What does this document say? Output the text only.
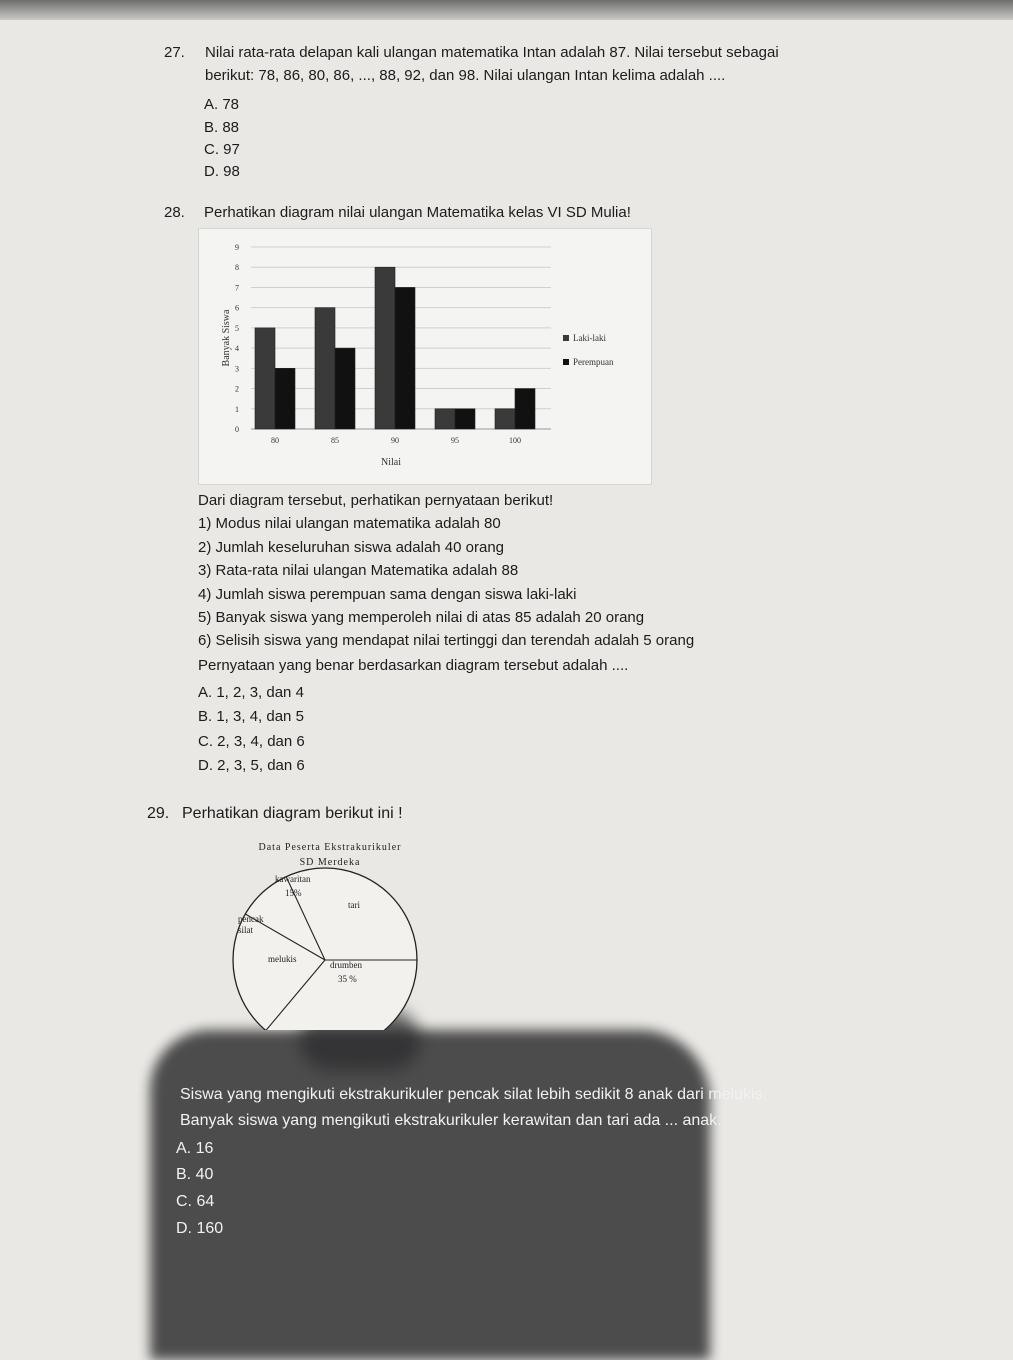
27. Nilai rata-rata delapan kali ulangan matematika Intan adalah 87. Nilai tersebut sebagai
berikut: 78, 86, 80, 86, ..., 88, 92, dan 98. Nilai ulangan Intan kelima adalah ....
A. 78
B. 88
C. 97
D. 98
28. Perhatikan diagram nilai ulangan Matematika kelas VI SD Mulia!
0
1
2
3
4
5
6
7
8
9
Banyak Siswa
80	85	90	95	100
Nilai
Laki-laki
Perempuan
Dari diagram tersebut, perhatikan pernyataan berikut!
1) Modus nilai ulangan matematika adalah 80
2) Jumlah keseluruhan siswa adalah 40 orang
3) Rata-rata nilai ulangan Matematika adalah 88
4) Jumlah siswa perempuan sama dengan siswa laki-laki
5) Banyak siswa yang memperoleh nilai di atas 85 adalah 20 orang
6) Selisih siswa yang mendapat nilai tertinggi dan terendah adalah 5 orang
Pernyataan yang benar berdasarkan diagram tersebut adalah ....
A. 1, 2, 3, dan 4
B. 1, 3, 4, dan 5
C. 2, 3, 4, dan 6
D. 2, 3, 5, dan 6
29. Perhatikan diagram berikut ini !
Data Peserta Ekstrakurikuler
SD Merdeka
kawaritan
15%
tari
drumben
35 %
melukis
pencak
silat
Siswa yang mengikuti ekstrakurikuler pencak silat lebih sedikit 8 anak dari melukis.
Banyak siswa yang mengikuti ekstrakurikuler kerawitan dan tari ada ... anak.
A. 16
B. 40
C. 64
D. 160
